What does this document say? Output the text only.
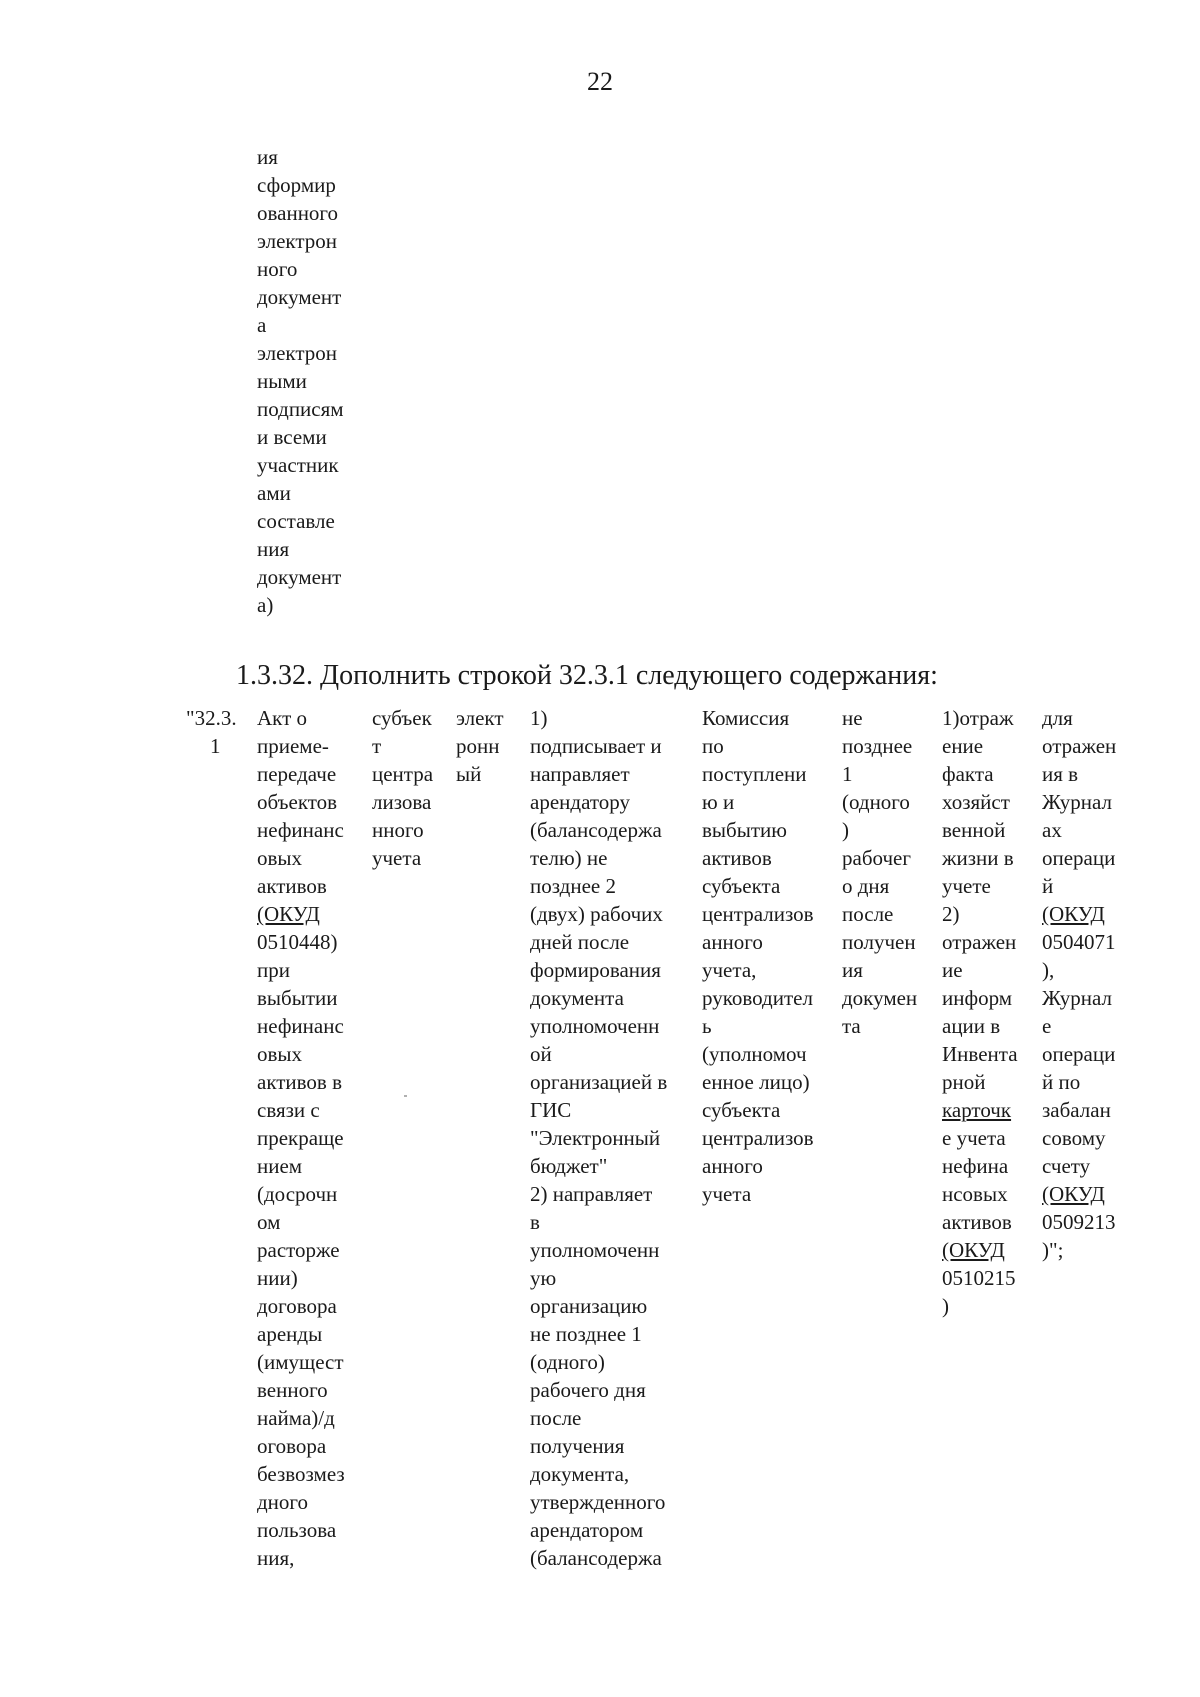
22
ия
сформир
ованного
электрон
ного
документ
а
электрон
ными
подписям
и всеми
участник
ами
составле
ния
документ
а)
1.3.32. Дополнить строкой 32.3.1 следующего содержания:
"32.3.
1
Акт о
приеме-
передаче
объектов
нефинанс
овых
активов
(ОКУД
0510448)
при
выбытии
нефинанс
овых
активов в
связи с
прекраще
нием
(досрочн
ом
расторже
нии)
договора
аренды
(имущест
венного
найма)/д
оговора
безвозмез
дного
пользова
ния,
субъек
т
центра
лизова
нного
учета
элект
ронн
ый
1)
подписывает и
направляет
арендатору
(балансодержа
телю) не
позднее 2
(двух) рабочих
дней после
формирования
документа
уполномоченн
ой
организацией в
ГИС
"Электронный
бюджет"
2) направляет
в
уполномоченн
ую
организацию
не позднее 1
(одного)
рабочего дня
после
получения
документа,
утвержденного
арендатором
(балансодержа
Комиссия
по
поступлени
ю и
выбытию
активов
субъекта
централизов
анного
учета,
руководител
ь
(уполномоч
енное лицо)
субъекта
централизов
анного
учета
не
позднее
1
(одного
)
рабочег
о дня
после
получен
ия
докумен
та
1)отраж
ение
факта
хозяйст
венной
жизни в
учете
2)
отражен
ие
информ
ации в
Инвента
рной
карточк
е учета
нефина
нсовых
активов
(ОКУД
0510215
)
для
отражен
ия в
Журнал
ах
операци
й
(ОКУД
0504071
),
Журнал
е
операци
й по
забалан
совому
счету
(ОКУД
0509213
)";
